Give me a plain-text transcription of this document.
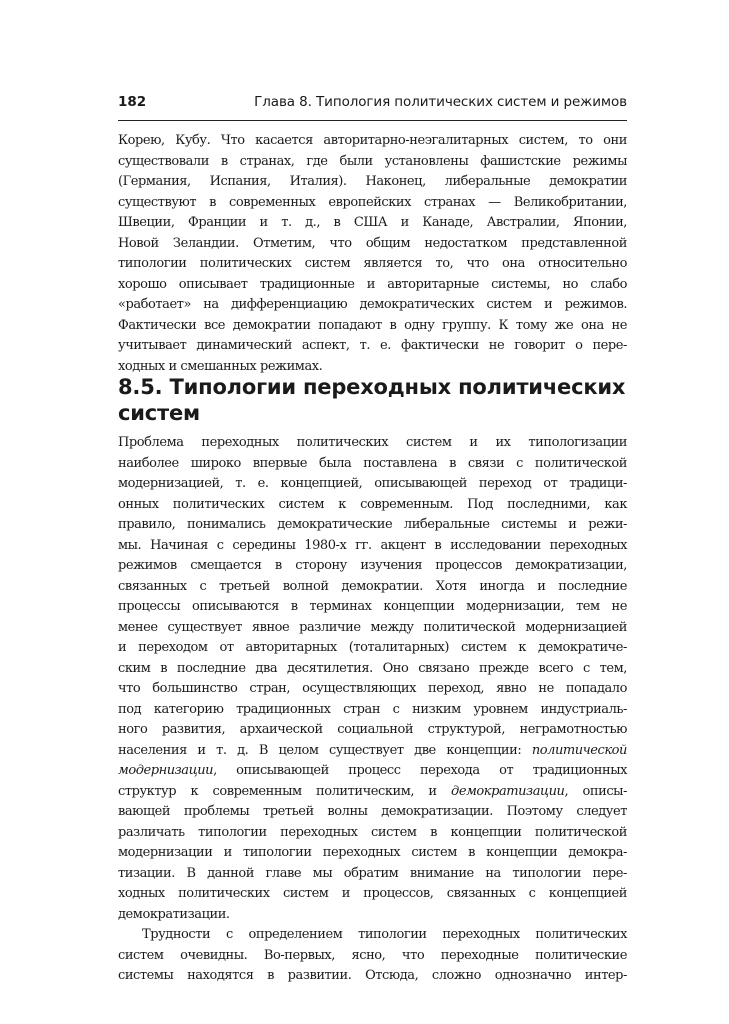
182	Глава 8. Типология политических систем и режимов
Корею, Кубу. Что касается авторитарно-неэгалитарных систем, то они
существовали в странах, где были установлены фашистские режимы
(Германия, Испания, Италия). Наконец, либеральные демократии
существуют в современных европейских странах — Великобритании,
Швеции, Франции и т. д., в США и Канаде, Австралии, Японии,
Новой Зеландии. Отметим, что общим недостатком представленной
типологии политических систем является то, что она относительно
хорошо описывает традиционные и авторитарные системы, но слабо
«работает» на дифференциацию демократических систем и режимов.
Фактически все демократии попадают в одну группу. К тому же она не
учитывает динамический аспект, т. е. фактически не говорит о пере-
ходных и смешанных режимах.
8.5. Типологии переходных политических
систем
Проблема переходных политических систем и их типологизации
наиболее широко впервые была поставлена в связи с политической
модернизацией, т. е. концепцией, описывающей переход от традици-
онных политических систем к современным. Под последними, как
правило, понимались демократические либеральные системы и режи-
мы. Начиная с середины 1980-х гг. акцент в исследовании переходных
режимов смещается в сторону изучения процессов демократизации,
связанных с третьей волной демократии. Хотя иногда и последние
процессы описываются в терминах концепции модернизации, тем не
менее существует явное различие между политической модернизацией
и переходом от авторитарных (тоталитарных) систем к демократиче-
ским в последние два десятилетия. Оно связано прежде всего с тем,
что большинство стран, осуществляющих переход, явно не попадало
под категорию традиционных стран с низким уровнем индустриаль-
ного развития, архаической социальной структурой, неграмотностью
населения и т. д. В целом существует две концепции: политической
модернизации, описывающей процесс перехода от традиционных
структур к современным политическим, и демократизации, описы-
вающей проблемы третьей волны демократизации. Поэтому следует
различать типологии переходных систем в концепции политической
модернизации и типологии переходных систем в концепции демокра-
тизации. В данной главе мы обратим внимание на типологии пере-
ходных политических систем и процессов, связанных с концепцией
демократизации.
Трудности с определением типологии переходных политических
систем очевидны. Во-первых, ясно, что переходные политические
системы находятся в развитии. Отсюда, сложно однозначно интер-
